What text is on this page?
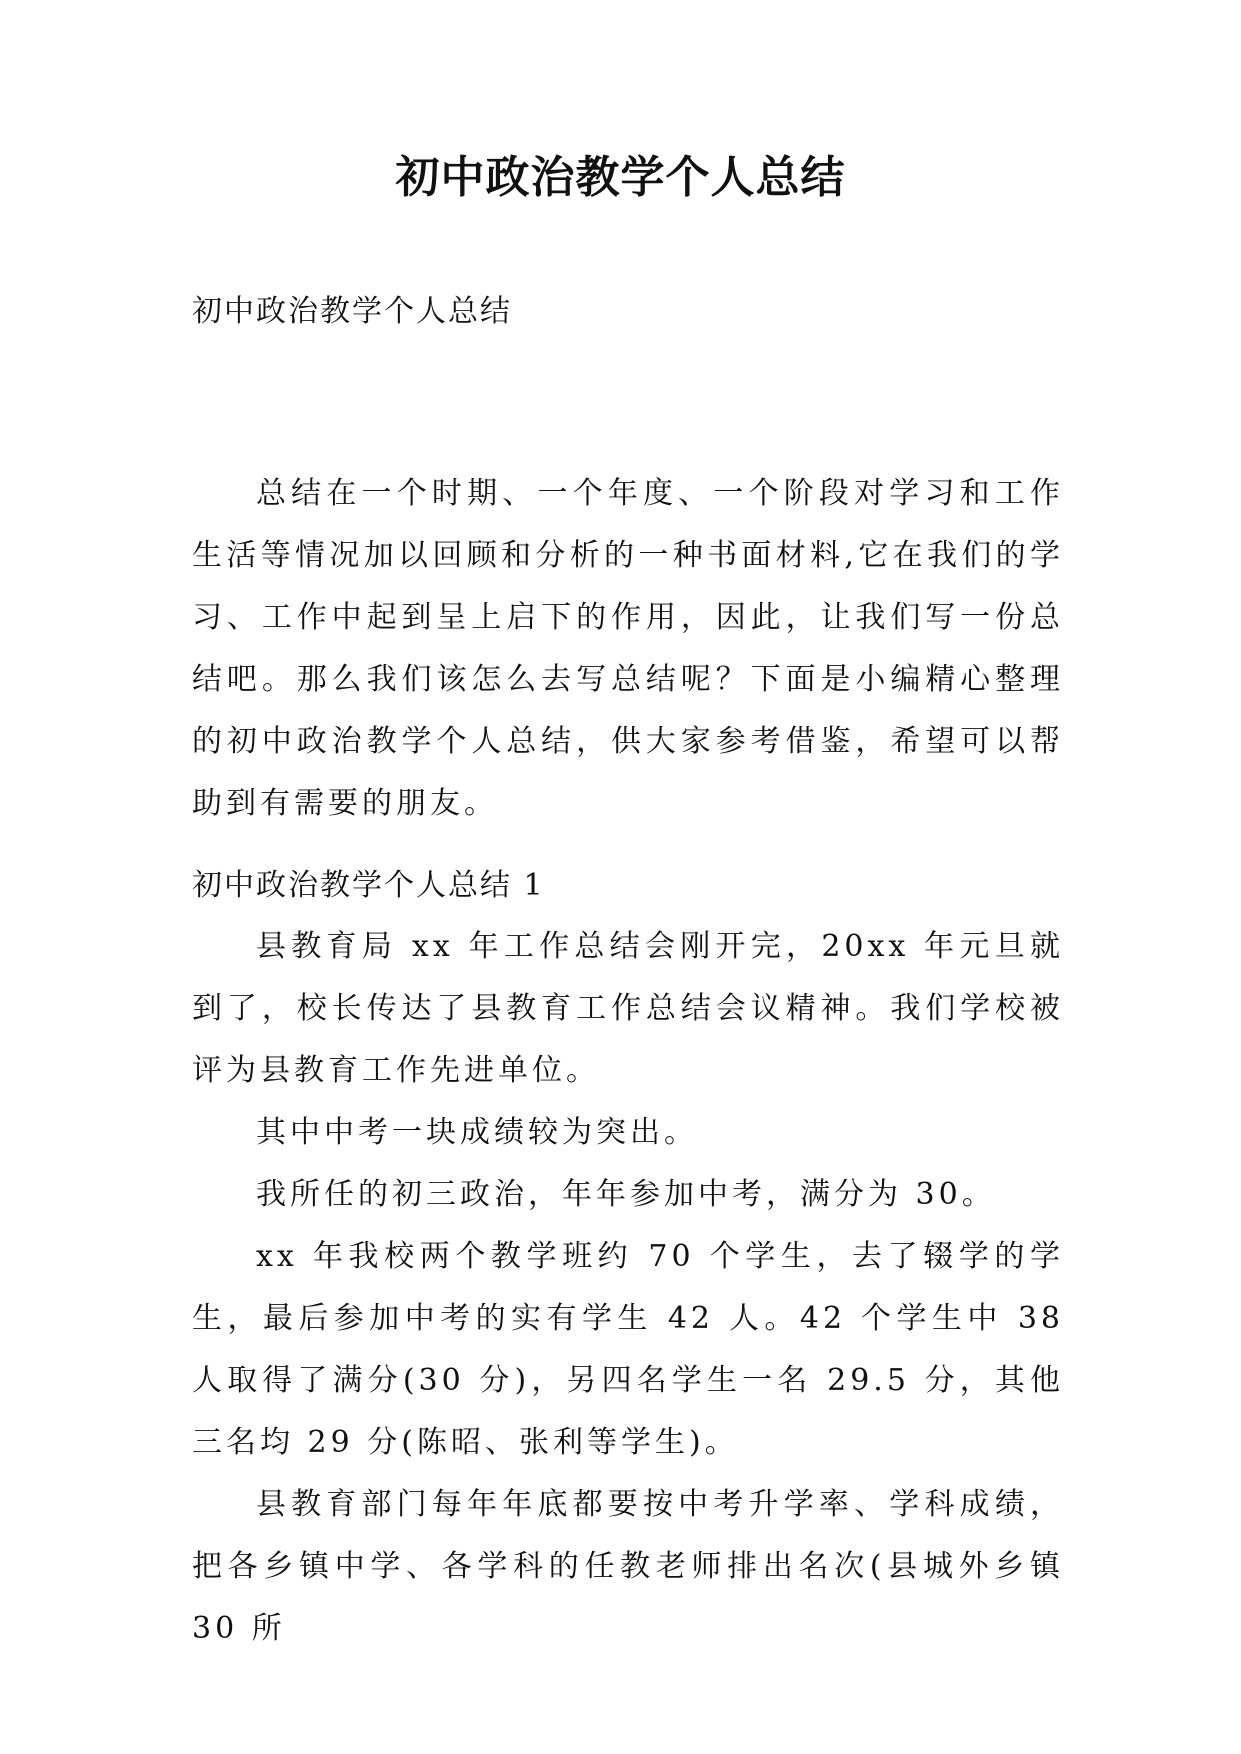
初中政治教学个人总结

初中政治教学个人总结

总结在一个时期、一个年度、一个阶段对学习和工作生活等情况加以回顾和分析的一种书面材料,它在我们的学习、工作中起到呈上启下的作用，因此，让我们写一份总结吧。那么我们该怎么去写总结呢？下面是小编精心整理的初中政治教学个人总结，供大家参考借鉴，希望可以帮助到有需要的朋友。

初中政治教学个人总结 1

县教育局 xx 年工作总结会刚开完，20xx 年元旦就到了，校长传达了县教育工作总结会议精神。我们学校被评为县教育工作先进单位。

其中中考一块成绩较为突出。

我所任的初三政治，年年参加中考，满分为 30。

xx 年我校两个教学班约 70 个学生，去了辍学的学生，最后参加中考的实有学生 42 人。42 个学生中 38 人取得了满分(30 分)，另四名学生一名 29.5 分，其他三名均 29 分(陈昭、张利等学生)。

县教育部门每年年底都要按中考升学率、学科成绩，把各乡镇中学、各学科的任教老师排出名次(县城外乡镇 30 所
